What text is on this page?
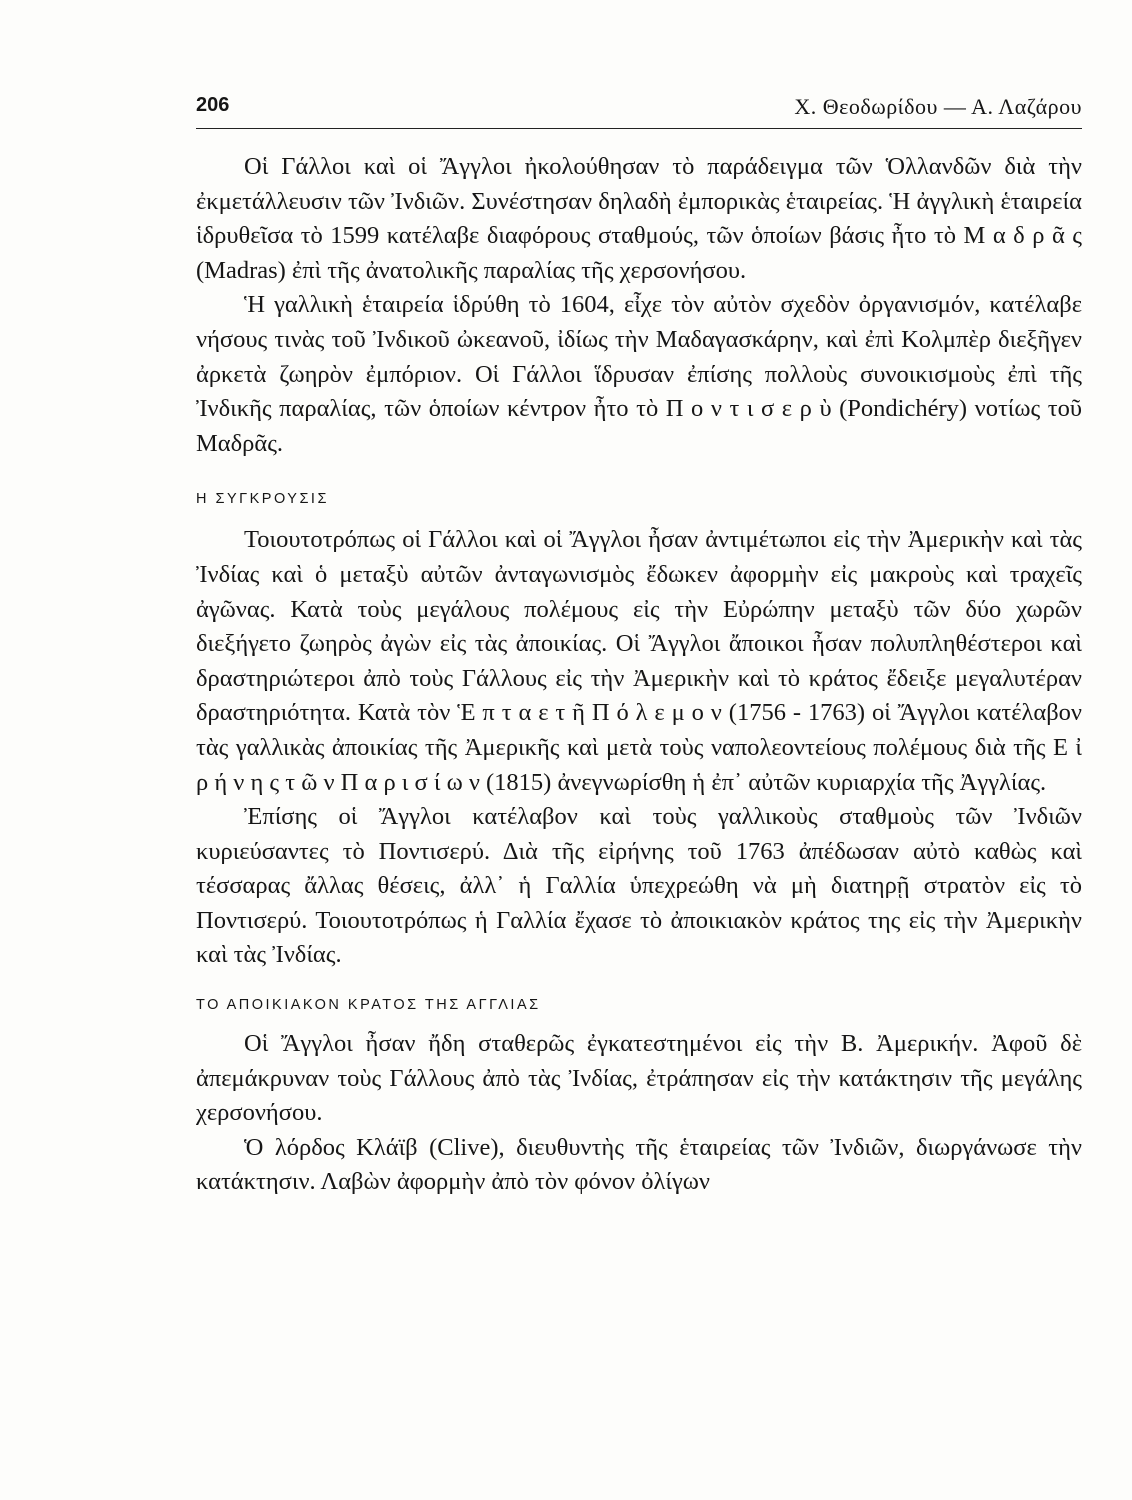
206	Χ. Θεοδωρίδου — Α. Λαζάρου

Οἱ Γάλλοι καὶ οἱ Ἄγγλοι ἠκολούθησαν τὸ παράδειγμα τῶν Ὁλλανδῶν διὰ τὴν ἐκμετάλλευσιν τῶν Ἰνδιῶν. Συνέστησαν δηλαδὴ ἐμπορικὰς ἑταιρείας. Ἡ ἀγγλικὴ ἑταιρεία ἱδρυθεῖσα τὸ 1599 κατέλαβε διαφόρους σταθμούς, τῶν ὁποίων βάσις ἦτο τὸ Μ α δ ρ ᾶ ς (Madras) ἐπὶ τῆς ἀνατολικῆς παραλίας τῆς χερσονήσου.

Ἡ γαλλικὴ ἑταιρεία ἱδρύθη τὸ 1604, εἶχε τὸν αὐτὸν σχεδὸν ὀργανισμόν, κατέλαβε νήσους τινὰς τοῦ Ἰνδικοῦ ὠκεανοῦ, ἰδίως τὴν Μαδαγασκάρην, καὶ ἐπὶ Κολμπὲρ διεξῆγεν ἀρκετὰ ζωηρὸν ἐμπόριον. Οἱ Γάλλοι ἵδρυσαν ἐπίσης πολλοὺς συνοικισμοὺς ἐπὶ τῆς Ἰνδικῆς παραλίας, τῶν ὁποίων κέντρον ἦτο τὸ Π ο ν τ ι σ ε ρ ὺ (Pondichéry) νοτίως τοῦ Μαδρᾶς.

Η ΣΥΓΚΡΟΥΣΙΣ

Τοιουτοτρόπως οἱ Γάλλοι καὶ οἱ Ἄγγλοι ἦσαν ἀντιμέτωποι εἰς τὴν Ἀμερικὴν καὶ τὰς Ἰνδίας καὶ ὁ μεταξὺ αὐτῶν ἀνταγωνισμὸς ἔδωκεν ἀφορμὴν εἰς μακροὺς καὶ τραχεῖς ἀγῶνας. Κατὰ τοὺς μεγάλους πολέμους εἰς τὴν Εὐρώπην μεταξὺ τῶν δύο χωρῶν διεξήγετο ζωηρὸς ἀγὼν εἰς τὰς ἀποικίας. Οἱ Ἄγγλοι ἄποικοι ἦσαν πολυπληθέστεροι καὶ δραστηριώτεροι ἀπὸ τοὺς Γάλλους εἰς τὴν Ἀμερικὴν καὶ τὸ κράτος ἔδειξε μεγαλυτέραν δραστηριότητα. Κατὰ τὸν Ἑ π τ α ε τ ῆ Π ό λ ε μ ο ν (1756 - 1763) οἱ Ἄγγλοι κατέλαβον τὰς γαλλικὰς ἀποικίας τῆς Ἀμερικῆς καὶ μετὰ τοὺς ναπολεοντείους πολέμους διὰ τῆς Ε ἰ ρ ή ν η ς τ ῶ ν Π α ρ ι σ ί ω ν (1815) ἀνεγνωρίσθη ἡ ἐπ᾽ αὐτῶν κυριαρχία τῆς Ἀγγλίας.

Ἐπίσης οἱ Ἄγγλοι κατέλαβον καὶ τοὺς γαλλικοὺς σταθμοὺς τῶν Ἰνδιῶν κυριεύσαντες τὸ Ποντισερύ. Διὰ τῆς εἰρήνης τοῦ 1763 ἀπέδωσαν αὐτὸ καθὼς καὶ τέσσαρας ἄλλας θέσεις, ἀλλ᾽ ἡ Γαλλία ὑπεχρεώθη νὰ μὴ διατηρῇ στρατὸν εἰς τὸ Ποντισερύ. Τοιουτοτρόπως ἡ Γαλλία ἔχασε τὸ ἀποικιακὸν κράτος της εἰς τὴν Ἀμερικὴν καὶ τὰς Ἰνδίας.

ΤΟ ΑΠΟΙΚΙΑΚΟΝ ΚΡΑΤΟΣ ΤΗΣ ΑΓΓΛΙΑΣ

Οἱ Ἄγγλοι ἦσαν ἤδη σταθερῶς ἐγκατεστημένοι εἰς τὴν Β. Ἀμερικήν. Ἀφοῦ δὲ ἀπεμάκρυναν τοὺς Γάλλους ἀπὸ τὰς Ἰνδίας, ἐτράπησαν εἰς τὴν κατάκτησιν τῆς μεγάλης χερσονήσου.

Ὁ λόρδος Κλάϊβ (Clive), διευθυντὴς τῆς ἑταιρείας τῶν Ἰνδιῶν, διωργάνωσε τὴν κατάκτησιν. Λαβὼν ἀφορμὴν ἀπὸ τὸν φόνον ὀλίγων
